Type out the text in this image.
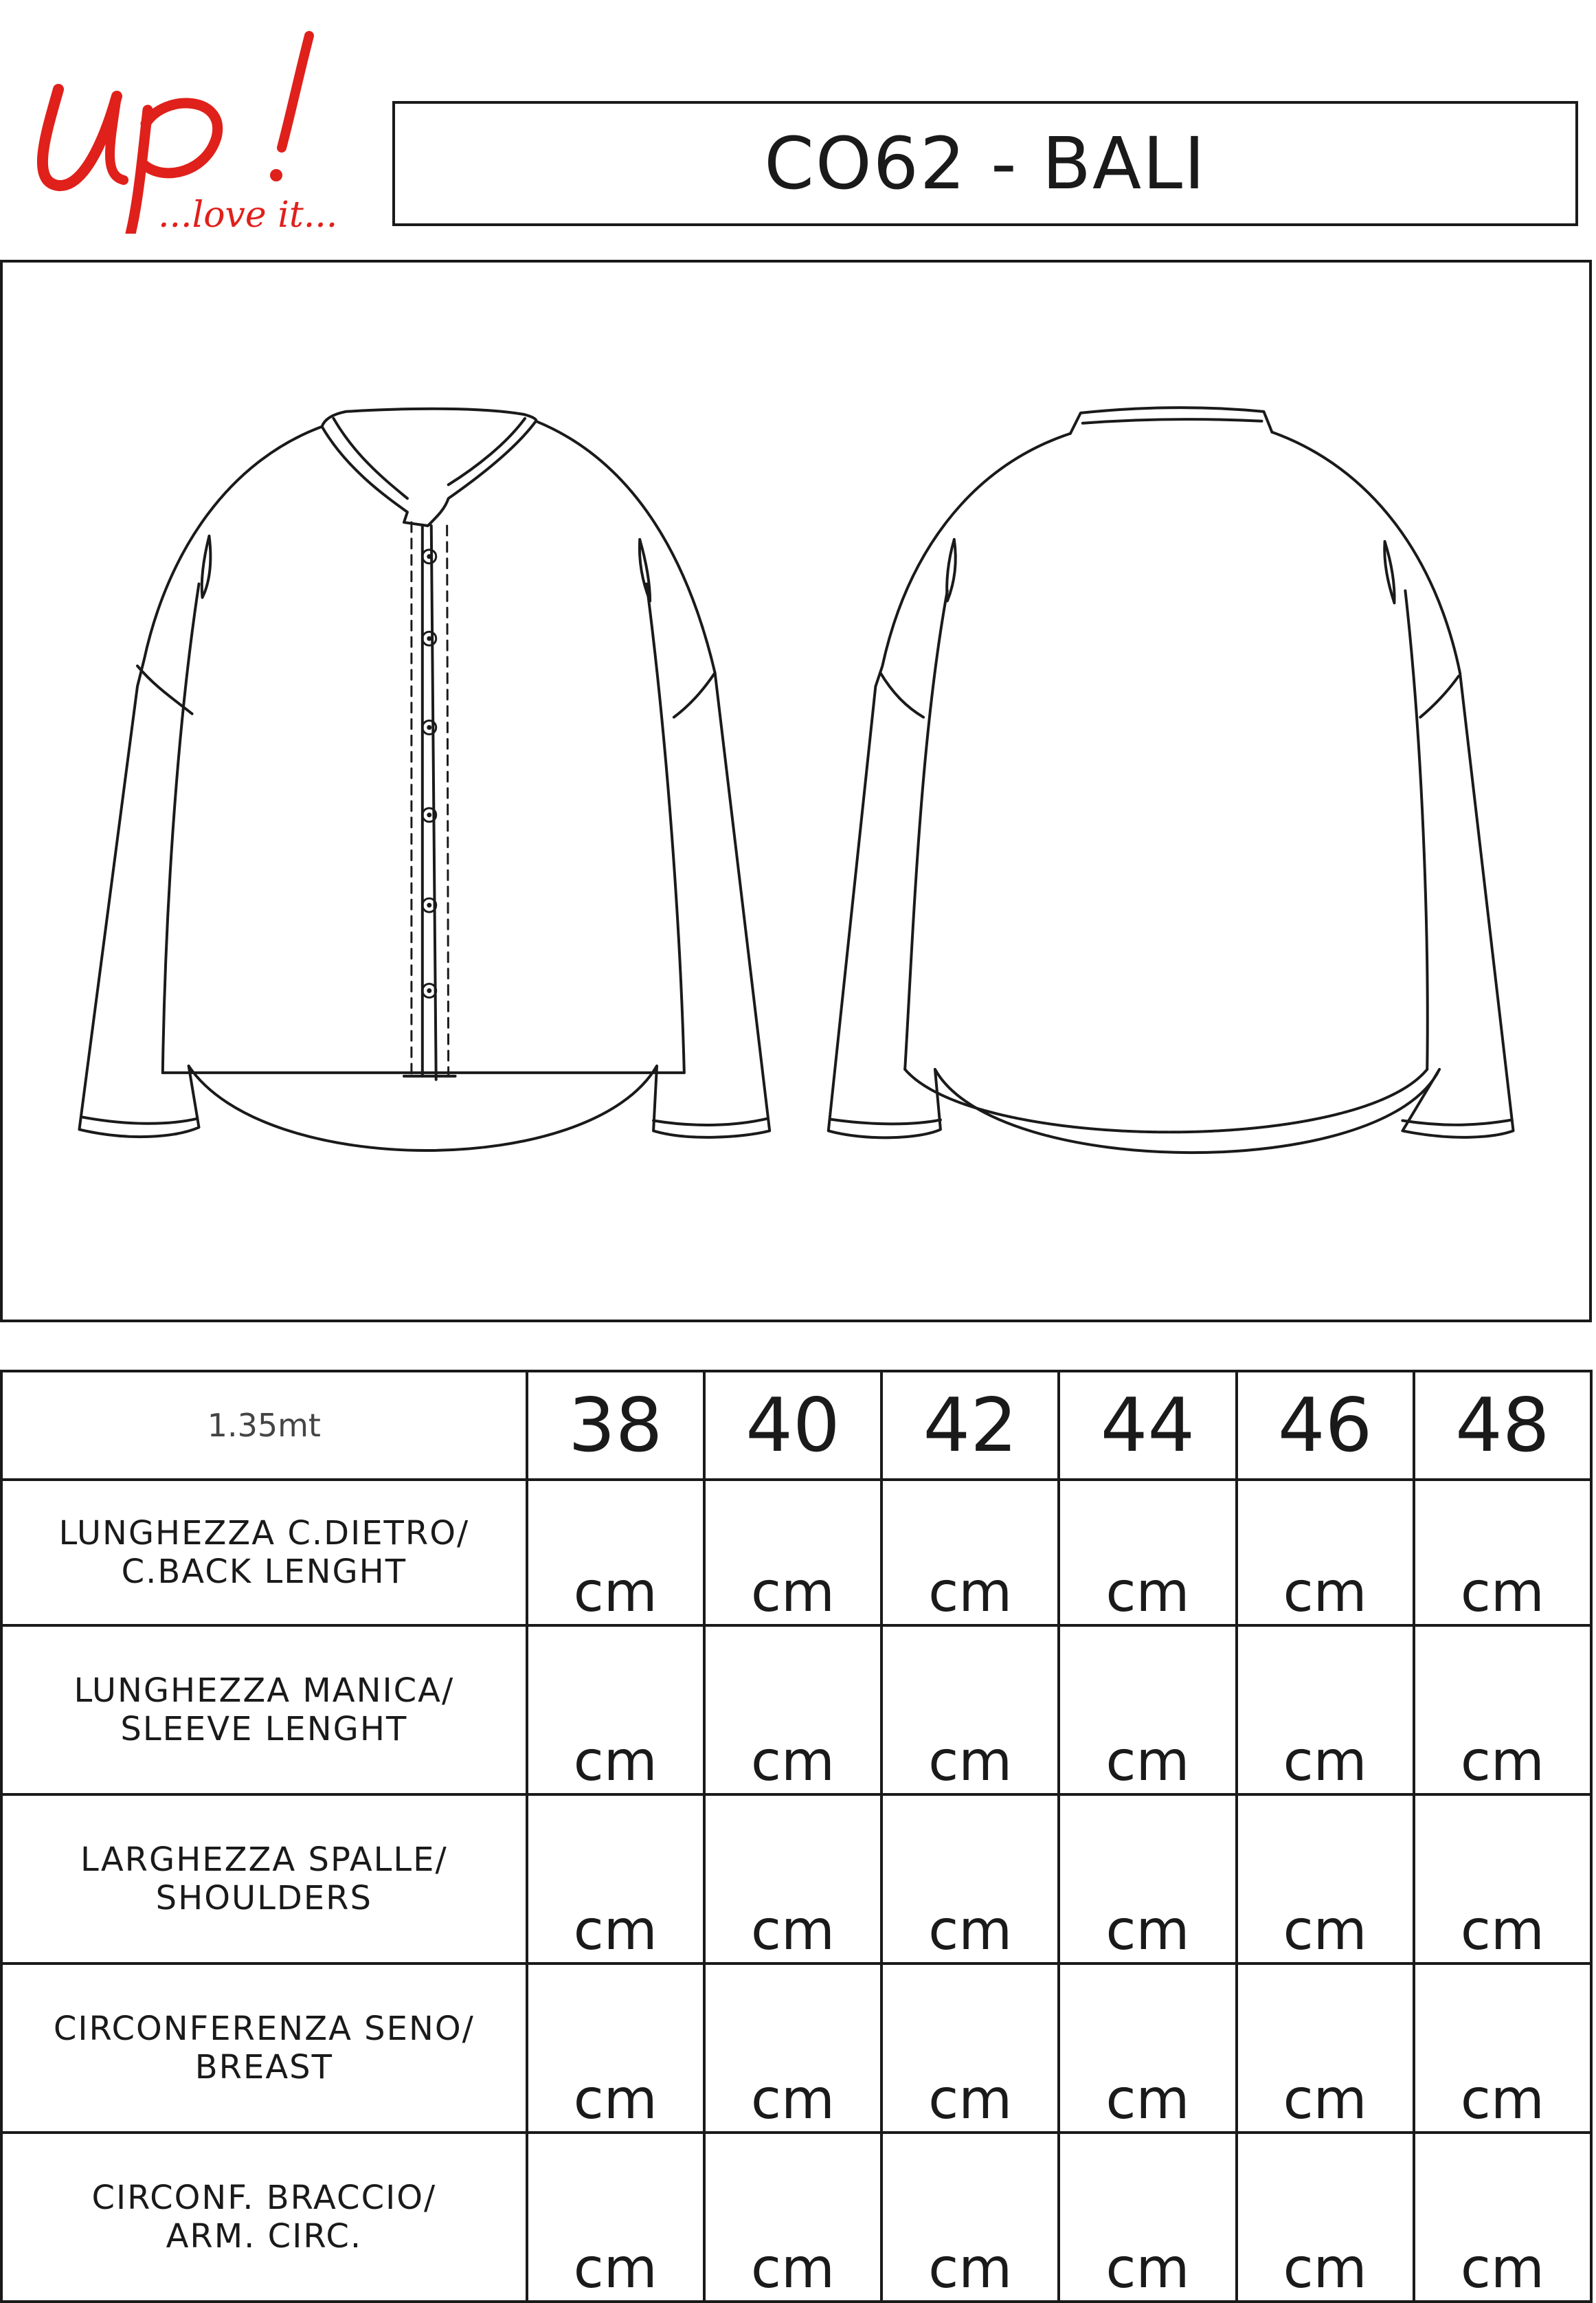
...love it...
CO62 - BALI
1.35mt	38	40	42	44	46	48

LUNGHEZZA C.DIETRO/
C.BACK LENGHT	cm	cm	cm	cm	cm	cm

LUNGHEZZA MANICA/
SLEEVE LENGHT	cm	cm	cm	cm	cm	cm

LARGHEZZA SPALLE/
SHOULDERS	cm	cm	cm	cm	cm	cm

CIRCONFERENZA SENO/
BREAST	cm	cm	cm	cm	cm	cm

CIRCONF. BRACCIO/
ARM. CIRC.	cm	cm	cm	cm	cm	cm
